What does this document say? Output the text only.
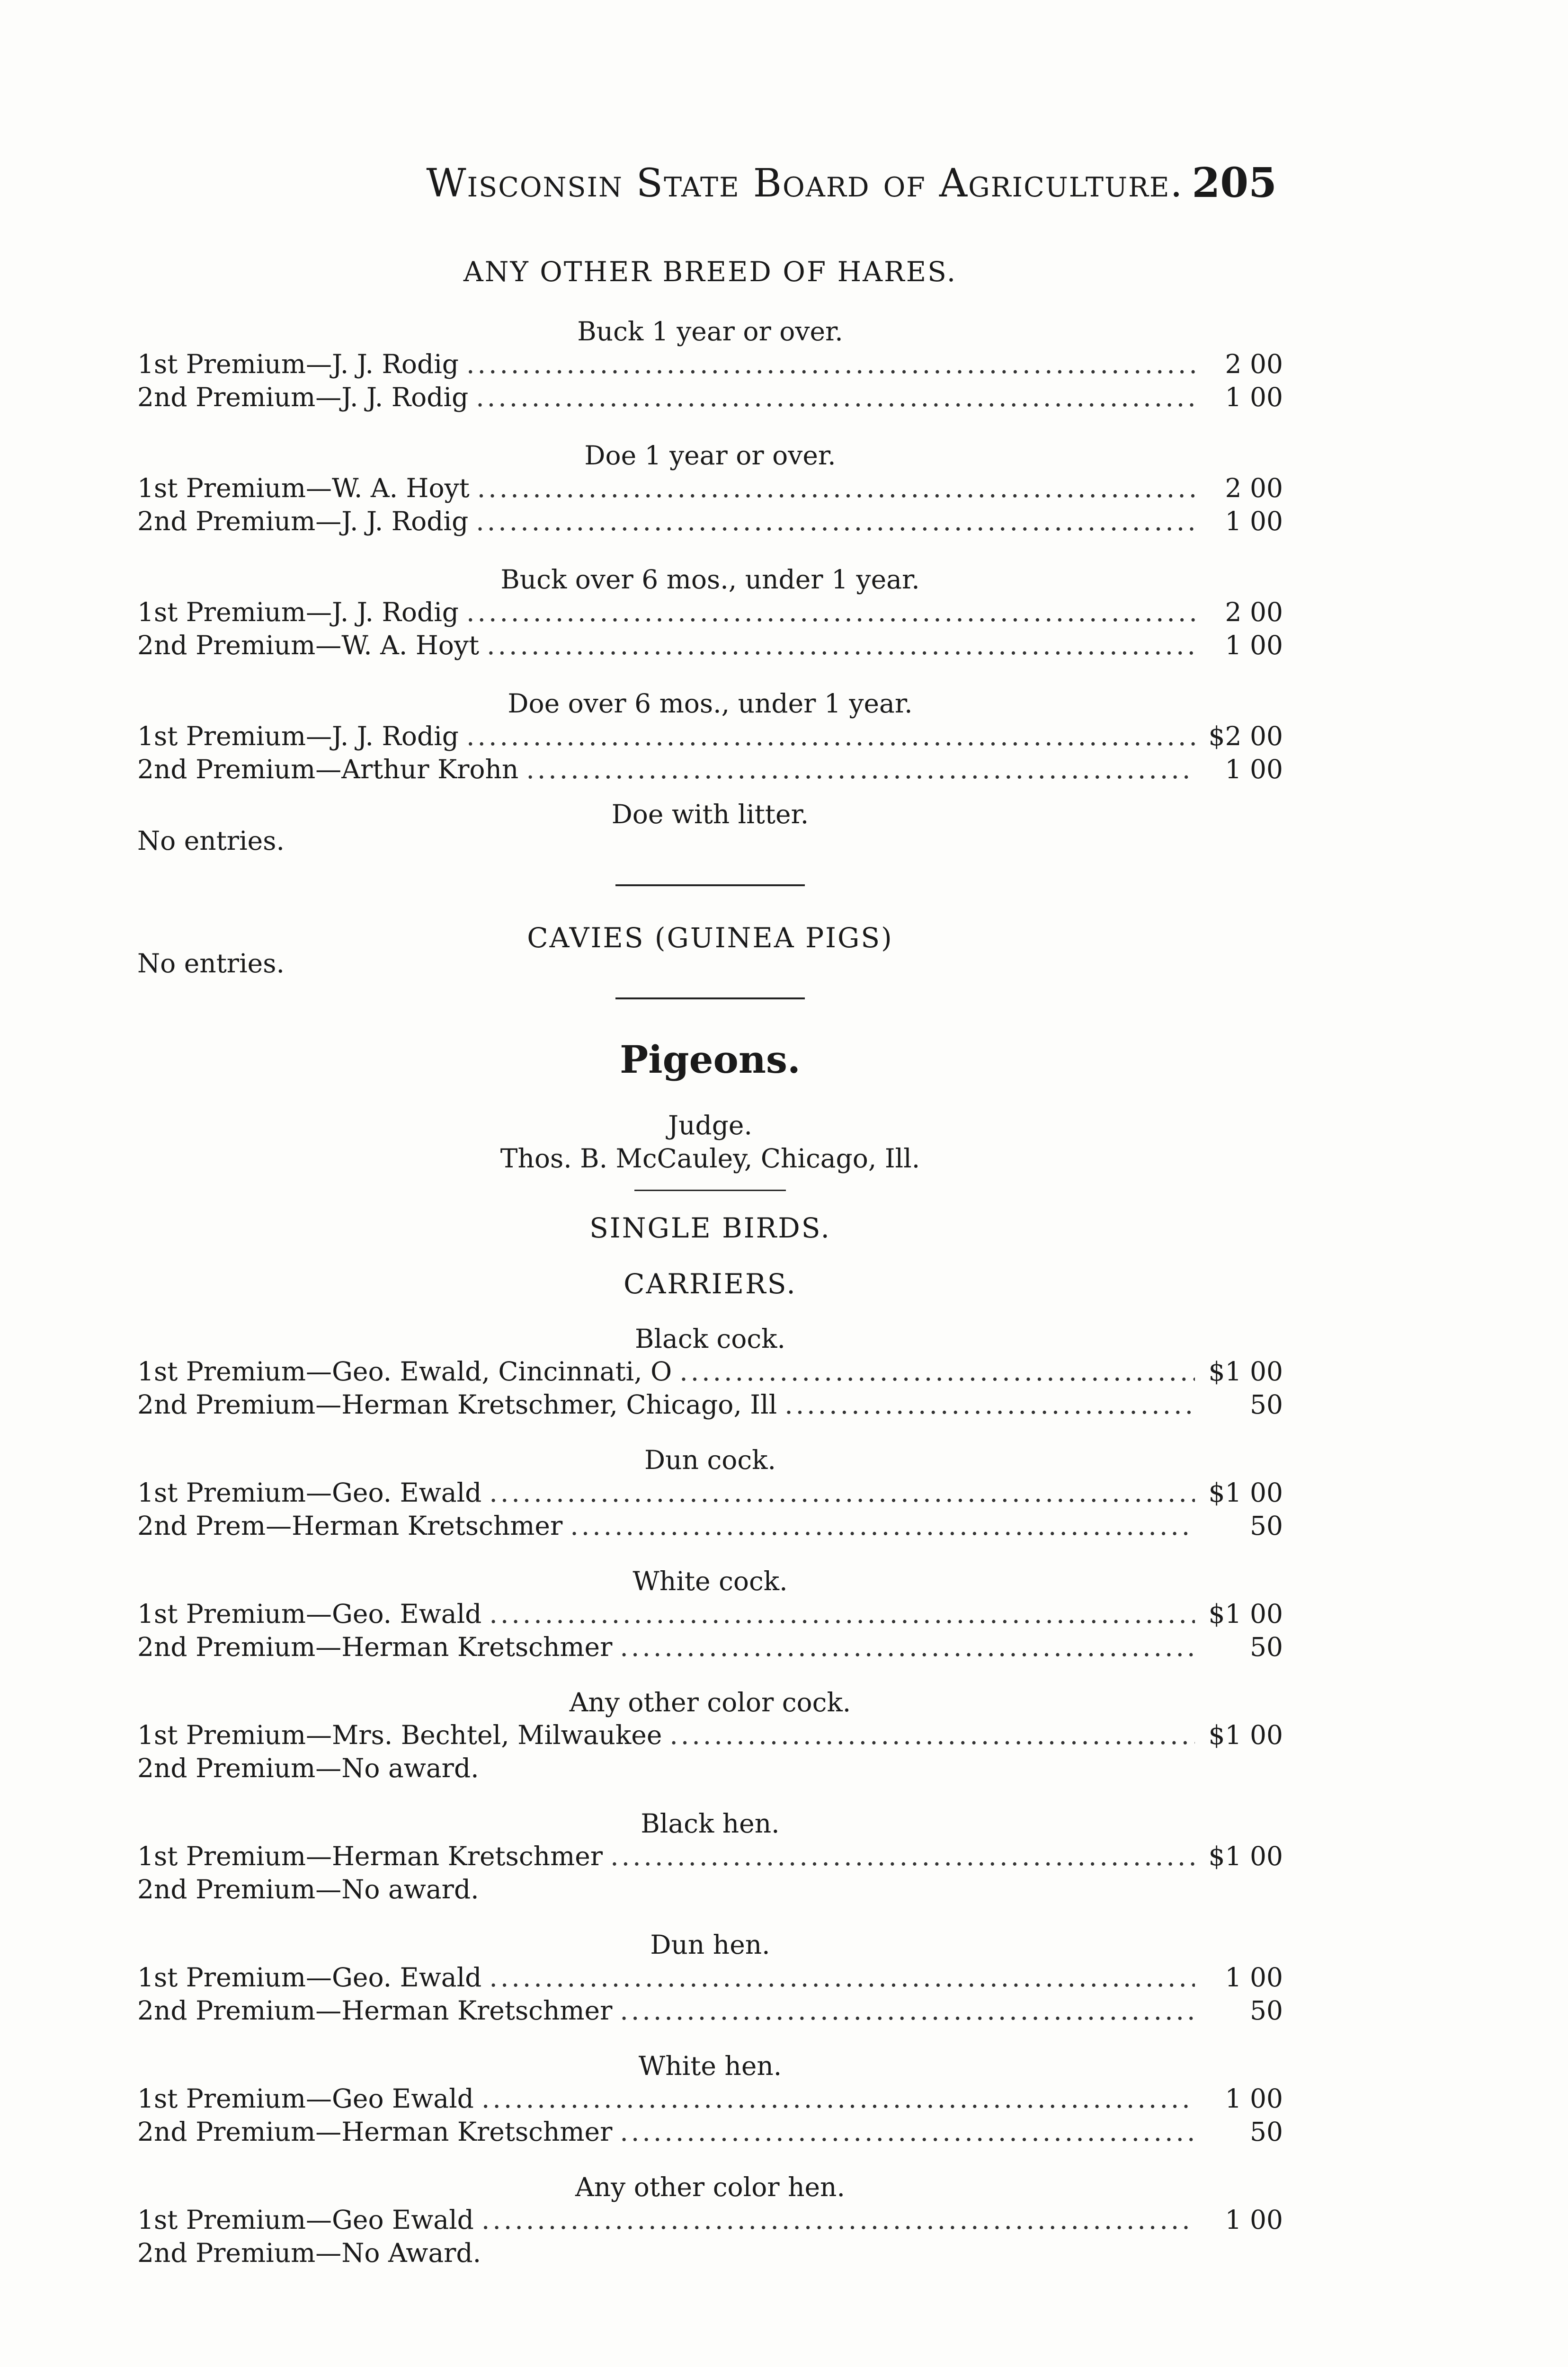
Wisconsin State Board of Agriculture. 205

ANY OTHER BREED OF HARES.

Buck 1 year or over.

1st Premium—J. J. Rodig .....	2 00
2nd Premium—J. J. Rodig .....	1 00

Doe 1 year or over.

1st Premium—W. A. Hoyt .....	2 00
2nd Premium—J. J. Rodig .....	1 00

Buck over 6 mos., under 1 year.

1st Premium—J. J. Rodig .....	2 00
2nd Premium—W. A. Hoyt .....	1 00

Doe over 6 mos., under 1 year.

1st Premium—J. J. Rodig .....	$2 00
2nd Premium—Arthur Krohn .....	1 00

Doe with litter.

No entries.

CAVIES (GUINEA PIGS)

No entries.

Pigeons.

Judge.

Thos. B. McCauley, Chicago, Ill.

SINGLE BIRDS.

CARRIERS.

Black cock.

1st Premium—Geo. Ewald, Cincinnati, O .....	$1 00
2nd Premium—Herman Kretschmer, Chicago, Ill .....	50

Dun cock.

1st Premium—Geo. Ewald .....	$1 00
2nd Prem—Herman Kretschmer .....	50

White cock.

1st Premium—Geo. Ewald .....	$1 00
2nd Premium—Herman Kretschmer .....	50

Any other color cock.

1st Premium—Mrs. Bechtel, Milwaukee .....	$1 00
2nd Premium—No award.

Black hen.

1st Premium—Herman Kretschmer .....	$1 00
2nd Premium—No award.

Dun hen.

1st Premium—Geo. Ewald .....	1 00
2nd Premium—Herman Kretschmer .....	50

White hen.

1st Premium—Geo Ewald .....	1 00
2nd Premium—Herman Kretschmer .....	50

Any other color hen.

1st Premium—Geo Ewald .....	1 00
2nd Premium—No Award.
